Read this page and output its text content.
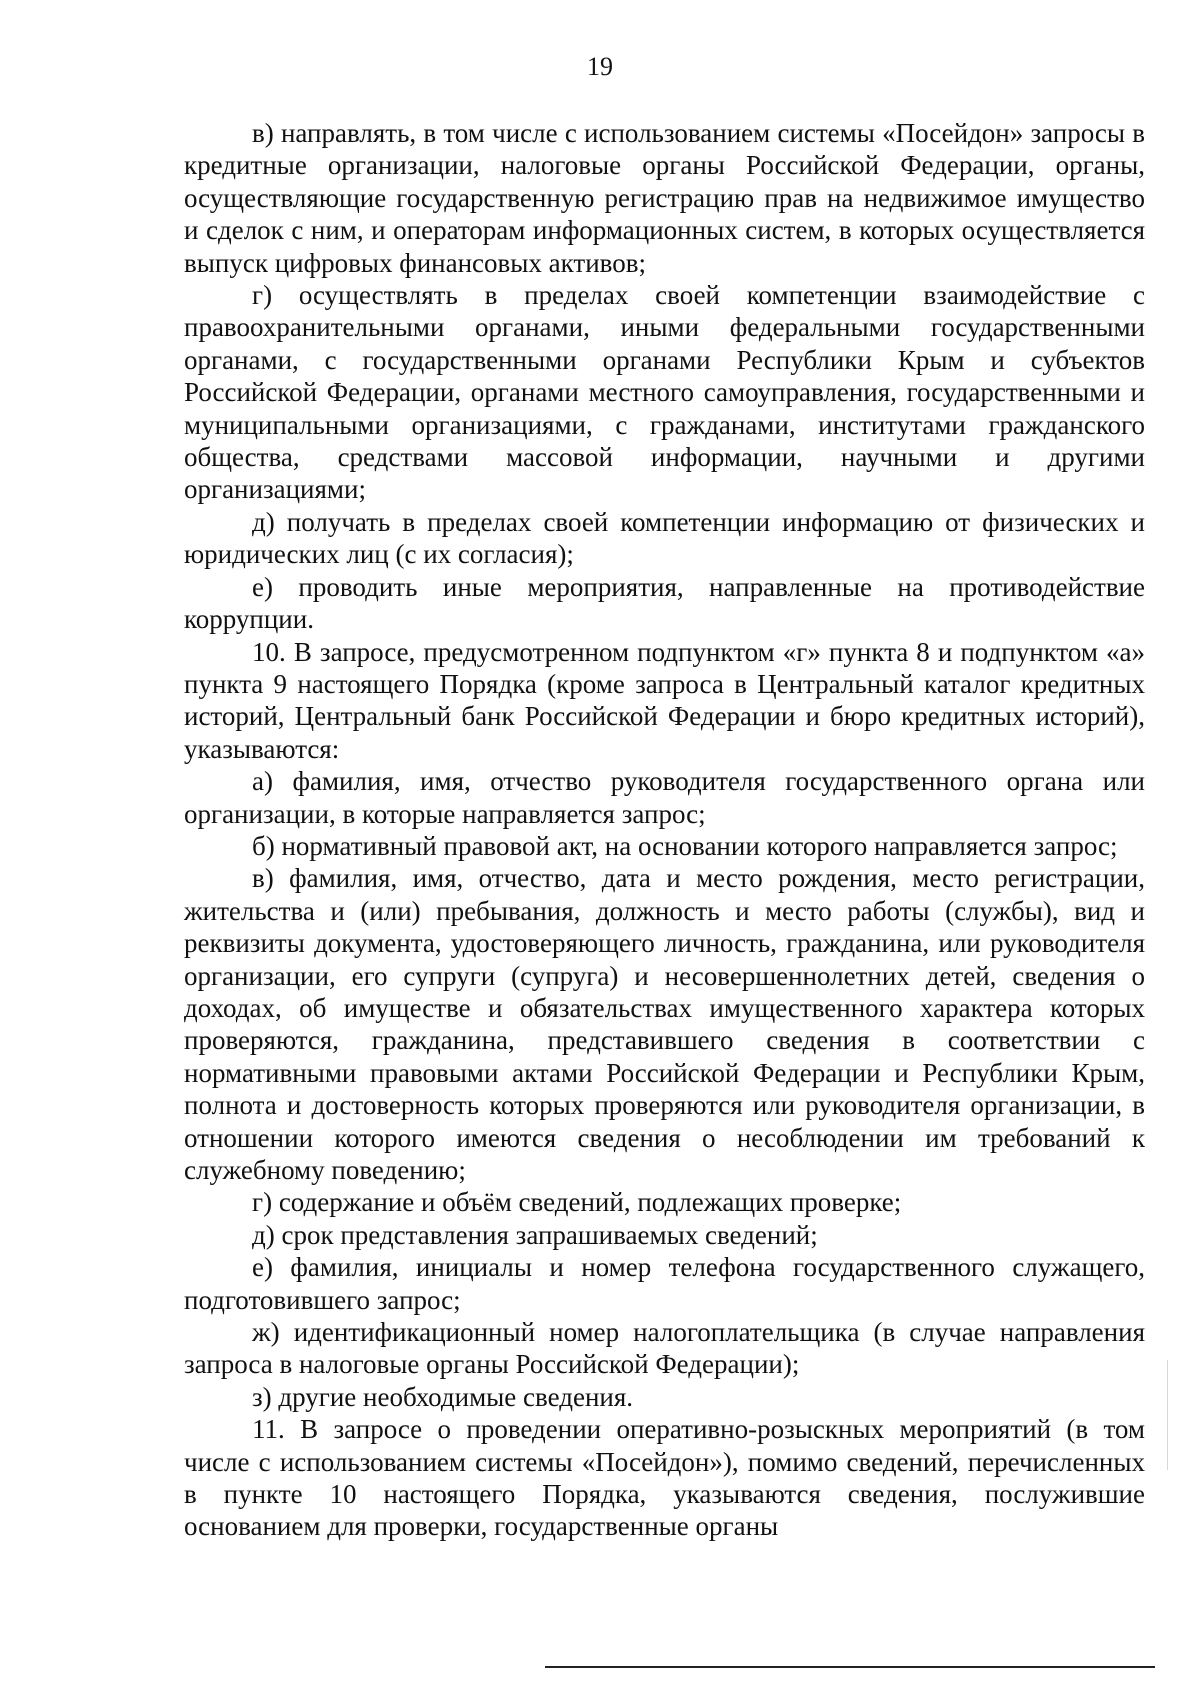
19

в) направлять, в том числе с использованием системы «Посейдон» запросы в кредитные организации, налоговые органы Российской Федерации, органы, осуществляющие государственную регистрацию прав на недвижимое имущество и сделок с ним, и операторам информационных систем, в которых осуществляется выпуск цифровых финансовых активов;

г) осуществлять в пределах своей компетенции взаимодействие с правоохранительными органами, иными федеральными государственными органами, с государственными органами Республики Крым и субъектов Российской Федерации, органами местного самоуправления, государственными и муниципальными организациями, с гражданами, институтами гражданского общества, средствами массовой информации, научными и другими организациями;

д) получать в пределах своей компетенции информацию от физических и юридических лиц (с их согласия);

е) проводить иные мероприятия, направленные на противодействие коррупции.

10. В запросе, предусмотренном подпунктом «г» пункта 8 и подпунктом «а» пункта 9 настоящего Порядка (кроме запроса в Центральный каталог кредитных историй, Центральный банк Российской Федерации и бюро кредитных историй), указываются:

а) фамилия, имя, отчество руководителя государственного органа или организации, в которые направляется запрос;

б) нормативный правовой акт, на основании которого направляется запрос;

в) фамилия, имя, отчество, дата и место рождения, место регистрации, жительства и (или) пребывания, должность и место работы (службы), вид и реквизиты документа, удостоверяющего личность, гражданина, или руководителя организации, его супруги (супруга) и несовершеннолетних детей, сведения о доходах, об имуществе и обязательствах имущественного характера которых проверяются, гражданина, представившего сведения в соответствии с нормативными правовыми актами Российской Федерации и Республики Крым, полнота и достоверность которых проверяются или руководителя организации, в отношении которого имеются сведения о несоблюдении им требований к служебному поведению;

г) содержание и объём сведений, подлежащих проверке;

д) срок представления запрашиваемых сведений;

е) фамилия, инициалы и номер телефона государственного служащего, подготовившего запрос;

ж) идентификационный номер налогоплательщика (в случае направления запроса в налоговые органы Российской Федерации);

з) другие необходимые сведения.

11. В запросе о проведении оперативно-розыскных мероприятий (в том числе с использованием системы «Посейдон»), помимо сведений, перечисленных в пункте 10 настоящего Порядка, указываются сведения, послужившие основанием для проверки, государственные органы
